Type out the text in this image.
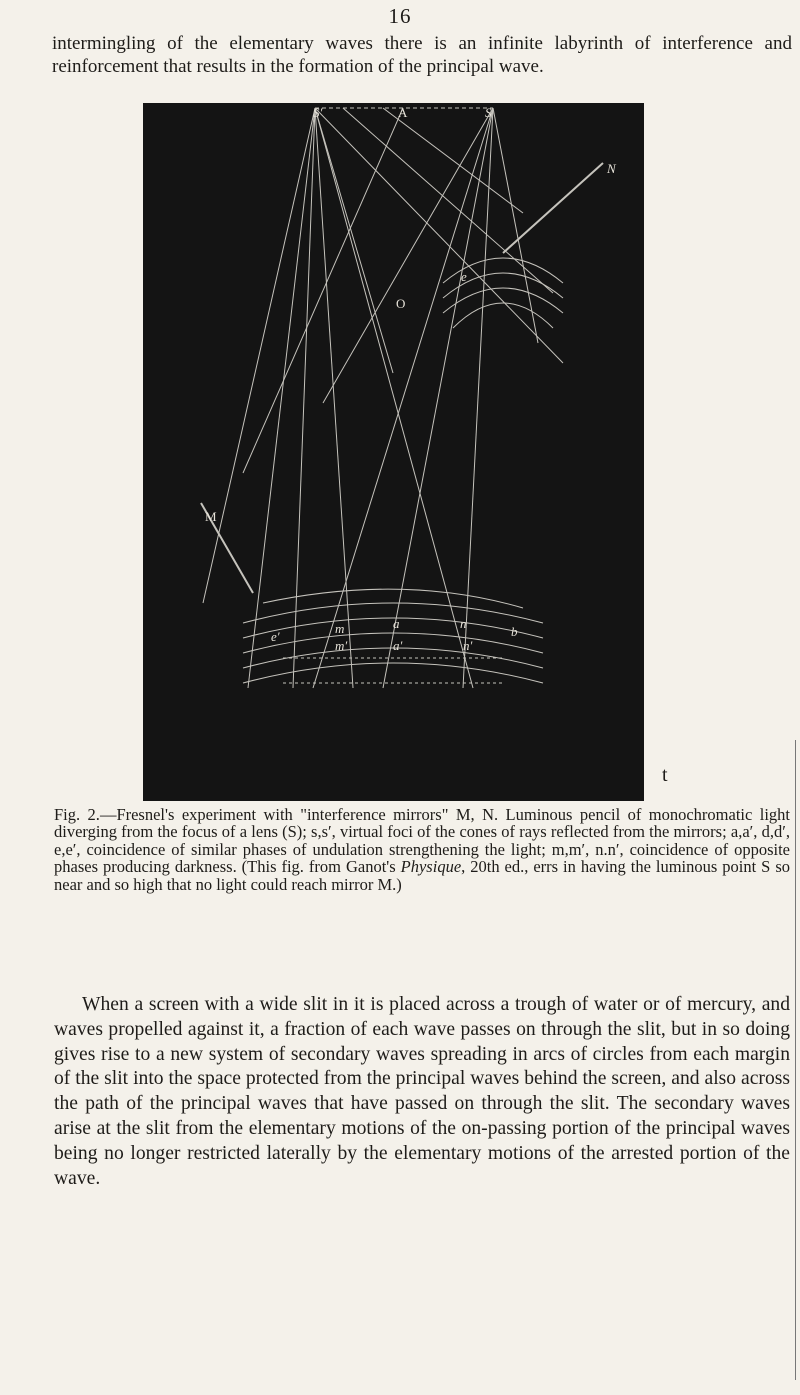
16

intermingling of the elementary waves there is an infinite labyrinth of interference and reinforcement that results in the formation of the principal wave.

S′	A	S
N
e
O
M
a	n
b
e′
m
m′	a′	n′
t

Fig. 2.—Fresnel's experiment with "interference mirrors" M, N. Luminous pencil of monochromatic light diverging from the focus of a lens (S); s,s′, virtual foci of the cones of rays reflected from the mirrors; a,a′, d,d′, e,e′, coincidence of similar phases of undulation strengthening the light; m,m′, n.n′, coincidence of opposite phases producing darkness. (This fig. from Ganot's Physique, 20th ed., errs in having the luminous point S so near and so high that no light could reach mirror M.)

When a screen with a wide slit in it is placed across a trough of water or of mercury, and waves propelled against it, a fraction of each wave passes on through the slit, but in so doing gives rise to a new system of secondary waves spreading in arcs of circles from each margin of the slit into the space protected from the principal waves behind the screen, and also across the path of the principal waves that have passed on through the slit. The secondary waves arise at the slit from the elementary motions of the on-passing portion of the principal waves being no longer restricted laterally by the elementary motions of the arrested portion of the wave.
